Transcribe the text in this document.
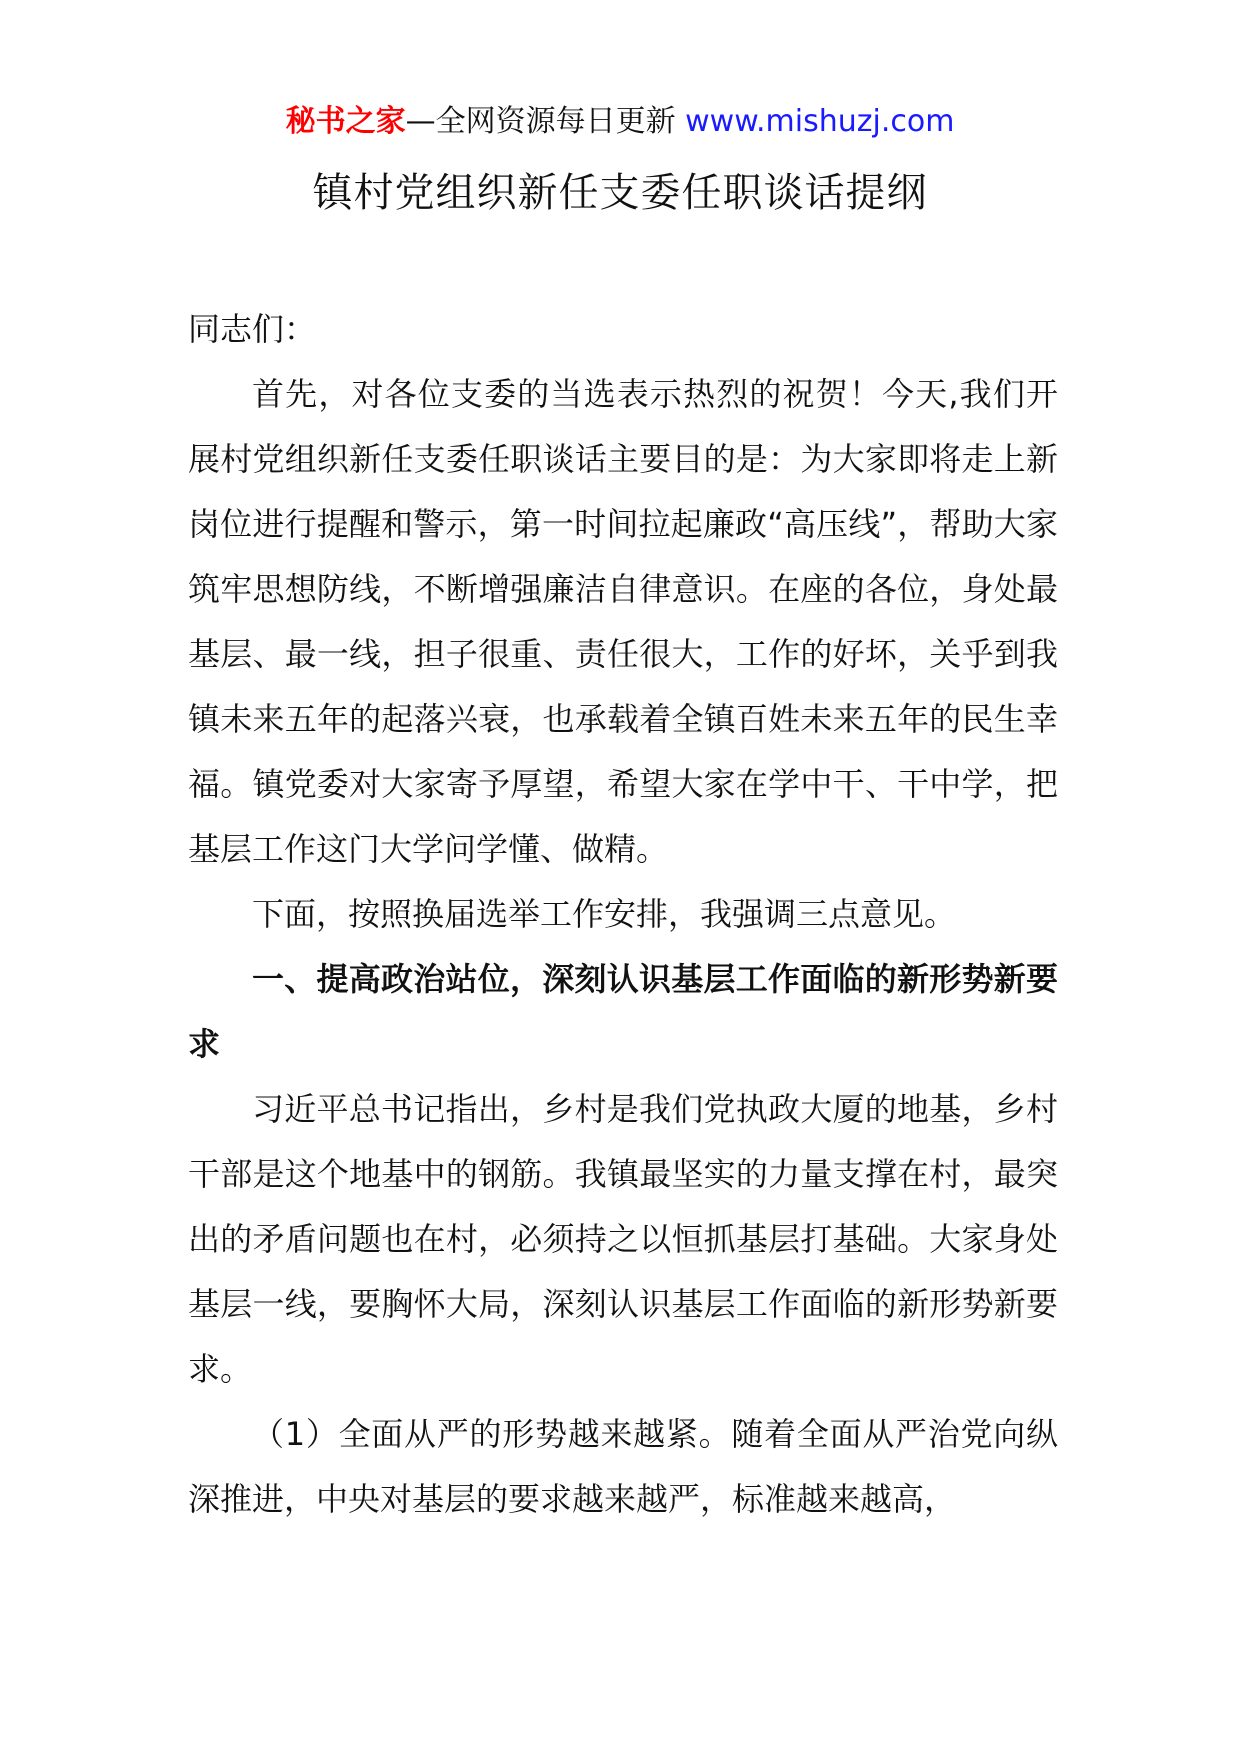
秘书之家—全网资源每日更新 www.mishuzj.com
镇村党组织新任支委任职谈话提纲

同志们：

首先，对各位支委的当选表示热烈的祝贺！今天,我们开展村党组织新任支委任职谈话主要目的是：为大家即将走上新岗位进行提醒和警示，第一时间拉起廉政“高压线”，帮助大家筑牢思想防线，不断增强廉洁自律意识。在座的各位，身处最基层、最一线，担子很重、责任很大，工作的好坏，关乎到我镇未来五年的起落兴衰，也承载着全镇百姓未来五年的民生幸福。镇党委对大家寄予厚望，希望大家在学中干、干中学，把基层工作这门大学问学懂、做精。

下面，按照换届选举工作安排，我强调三点意见。

一、提高政治站位，深刻认识基层工作面临的新形势新要求

习近平总书记指出，乡村是我们党执政大厦的地基，乡村干部是这个地基中的钢筋。我镇最坚实的力量支撑在村，最突出的矛盾问题也在村，必须持之以恒抓基层打基础。大家身处基层一线，要胸怀大局，深刻认识基层工作面临的新形势新要求。

（1）全面从严的形势越来越紧。随着全面从严治党向纵深推进，中央对基层的要求越来越严，标准越来越高，
